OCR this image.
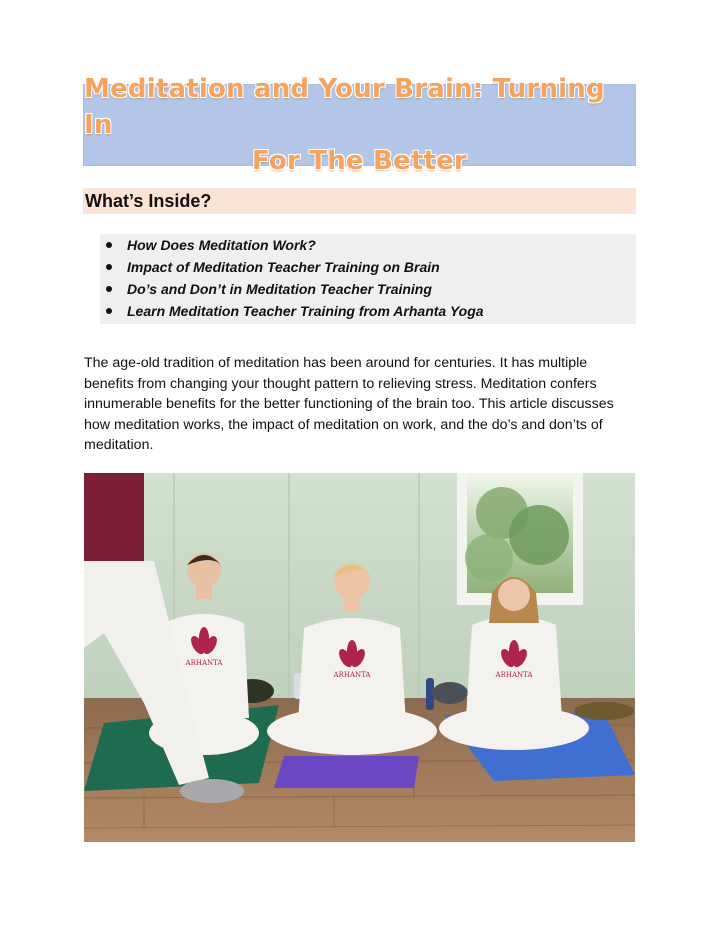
Meditation and Your Brain: Turning In
For The Better
What’s Inside?
How Does Meditation Work?
Impact of Meditation Teacher Training on Brain
Do’s and Don’t in Meditation Teacher Training
Learn Meditation Teacher Training from Arhanta Yoga

The age-old tradition of meditation has been around for centuries. It has multiple benefits from changing your thought pattern to relieving stress. Meditation confers innumerable benefits for the better functioning of the brain too. This article discusses how meditation works, the impact of meditation on work, and the do’s and don’ts of meditation.

ARHANTA
ARHANTA	ARHANTA
